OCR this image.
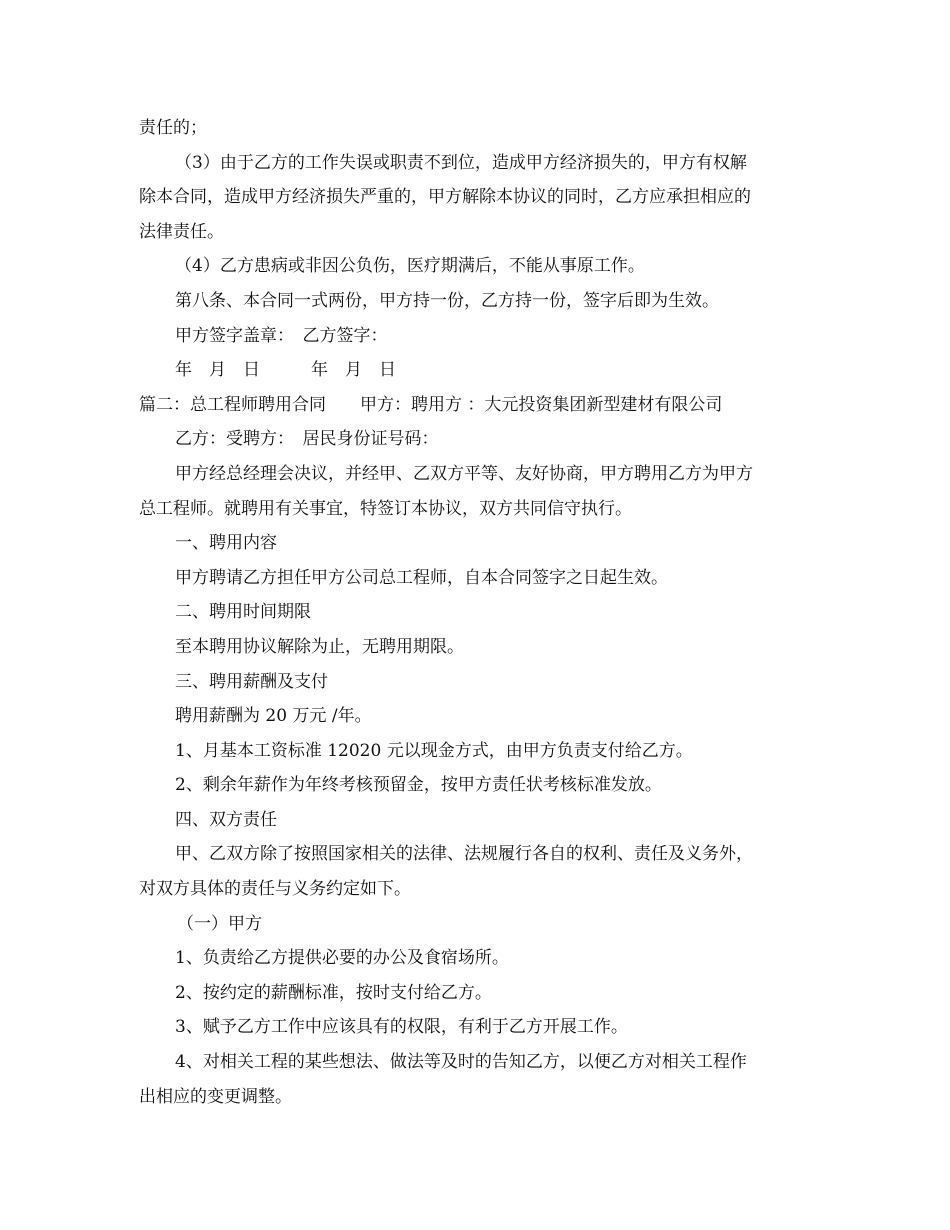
责任的；
（3）由于乙方的工作失误或职责不到位，造成甲方经济损失的，甲方有权解
除本合同，造成甲方经济损失严重的，甲方解除本协议的同时，乙方应承担相应的
法律责任。
（4）乙方患病或非因公负伤，医疗期满后，不能从事原工作。
第八条、本合同一式两份，甲方持一份，乙方持一份，签字后即为生效。
甲方签字盖章：　乙方签字：
年　月　日　　　年　月　日
篇二：总工程师聘用合同　　甲方：聘用方 ：大元投资集团新型建材有限公司
乙方：受聘方：　居民身份证号码：
甲方经总经理会决议，并经甲、乙双方平等、友好协商，甲方聘用乙方为甲方
总工程师。就聘用有关事宜，特签订本协议，双方共同信守执行。
一、聘用内容
甲方聘请乙方担任甲方公司总工程师，自本合同签字之日起生效。
二、聘用时间期限
至本聘用协议解除为止，无聘用期限。
三、聘用薪酬及支付
聘用薪酬为 20 万元 /年。
1、月基本工资标准 12020 元以现金方式，由甲方负责支付给乙方。
2、剩余年薪作为年终考核预留金，按甲方责任状考核标准发放。
四、双方责任
甲、乙双方除了按照国家相关的法律、法规履行各自的权利、责任及义务外，
对双方具体的责任与义务约定如下。
（一）甲方
1、负责给乙方提供必要的办公及食宿场所。
2、按约定的薪酬标准，按时支付给乙方。
3、赋予乙方工作中应该具有的权限，有利于乙方开展工作。
4、对相关工程的某些想法、做法等及时的告知乙方，以便乙方对相关工程作
出相应的变更调整。
